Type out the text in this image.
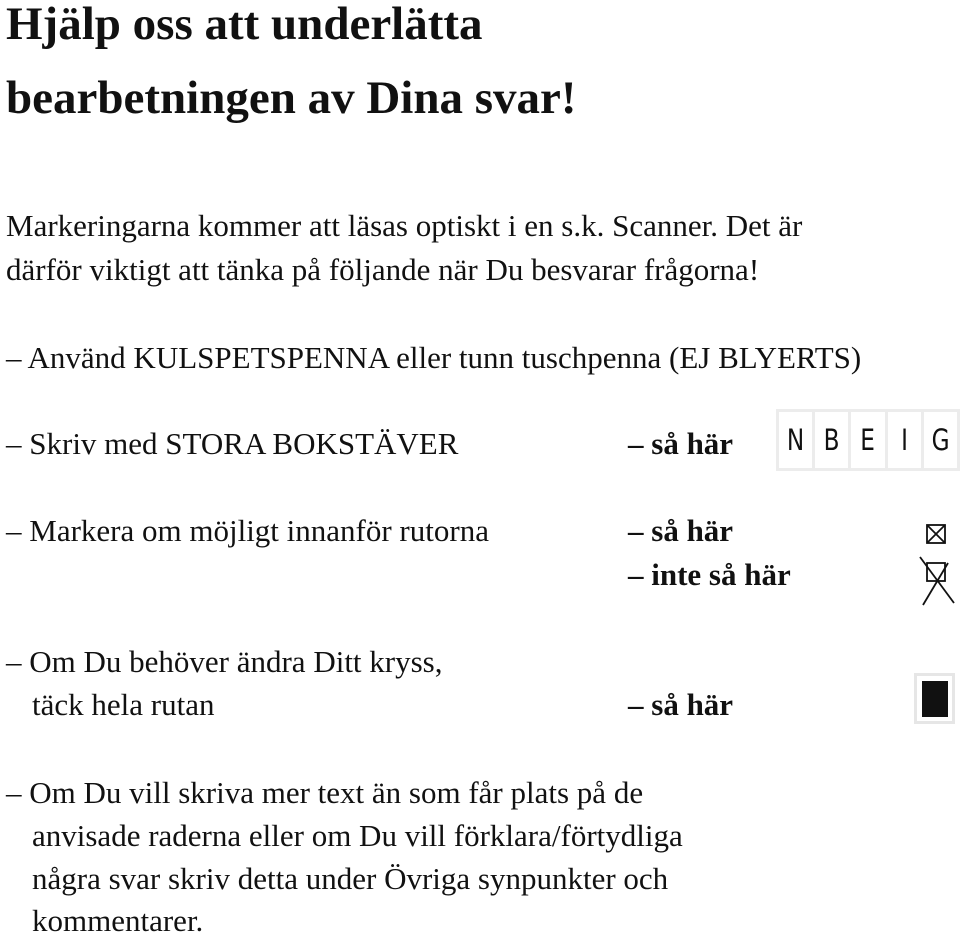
Hjälp oss att underlätta
bearbetningen av Dina svar!
Markeringarna kommer att läsas optiskt i en s.k. Scanner. Det är
därför viktigt att tänka på följande när Du besvarar frågorna!
– Använd KULSPETSPENNA eller tunn tuschpenna (EJ BLYERTS)
– Skriv med STORA BOKSTÄVER	– så här N B E I G
– Markera om möjligt innanför rutorna	– så här
– inte så här
– Om Du behöver ändra Ditt kryss,
täck hela rutan	– så här
– Om Du vill skriva mer text än som får plats på de
anvisade raderna eller om Du vill förklara/förtydliga
några svar skriv detta under Övriga synpunkter och
kommentarer.
